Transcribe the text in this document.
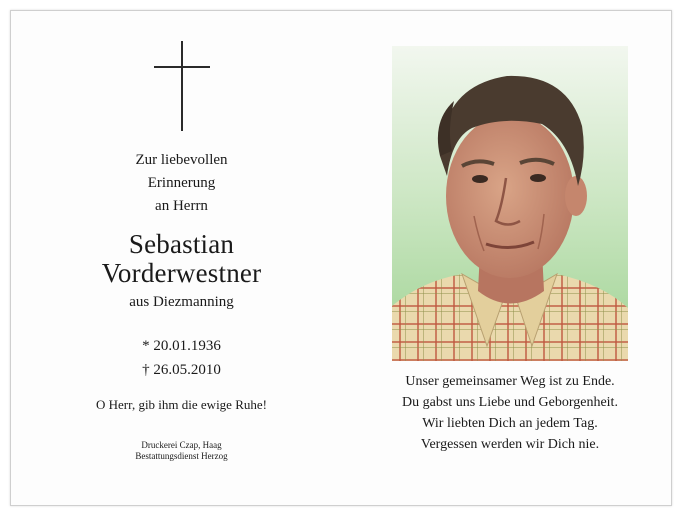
Zur liebevollen
Erinnerung
an Herrn
Sebastian
Vorderwestner
aus Diezmanning
* 20.01.1936
† 26.05.2010
O Herr, gib ihm die ewige Ruhe!
Druckerei Czap, Haag
Bestattungsdienst Herzog
Unser gemeinsamer Weg ist zu Ende.
Du gabst uns Liebe und Geborgenheit.
Wir liebten Dich an jedem Tag.
Vergessen werden wir Dich nie.
